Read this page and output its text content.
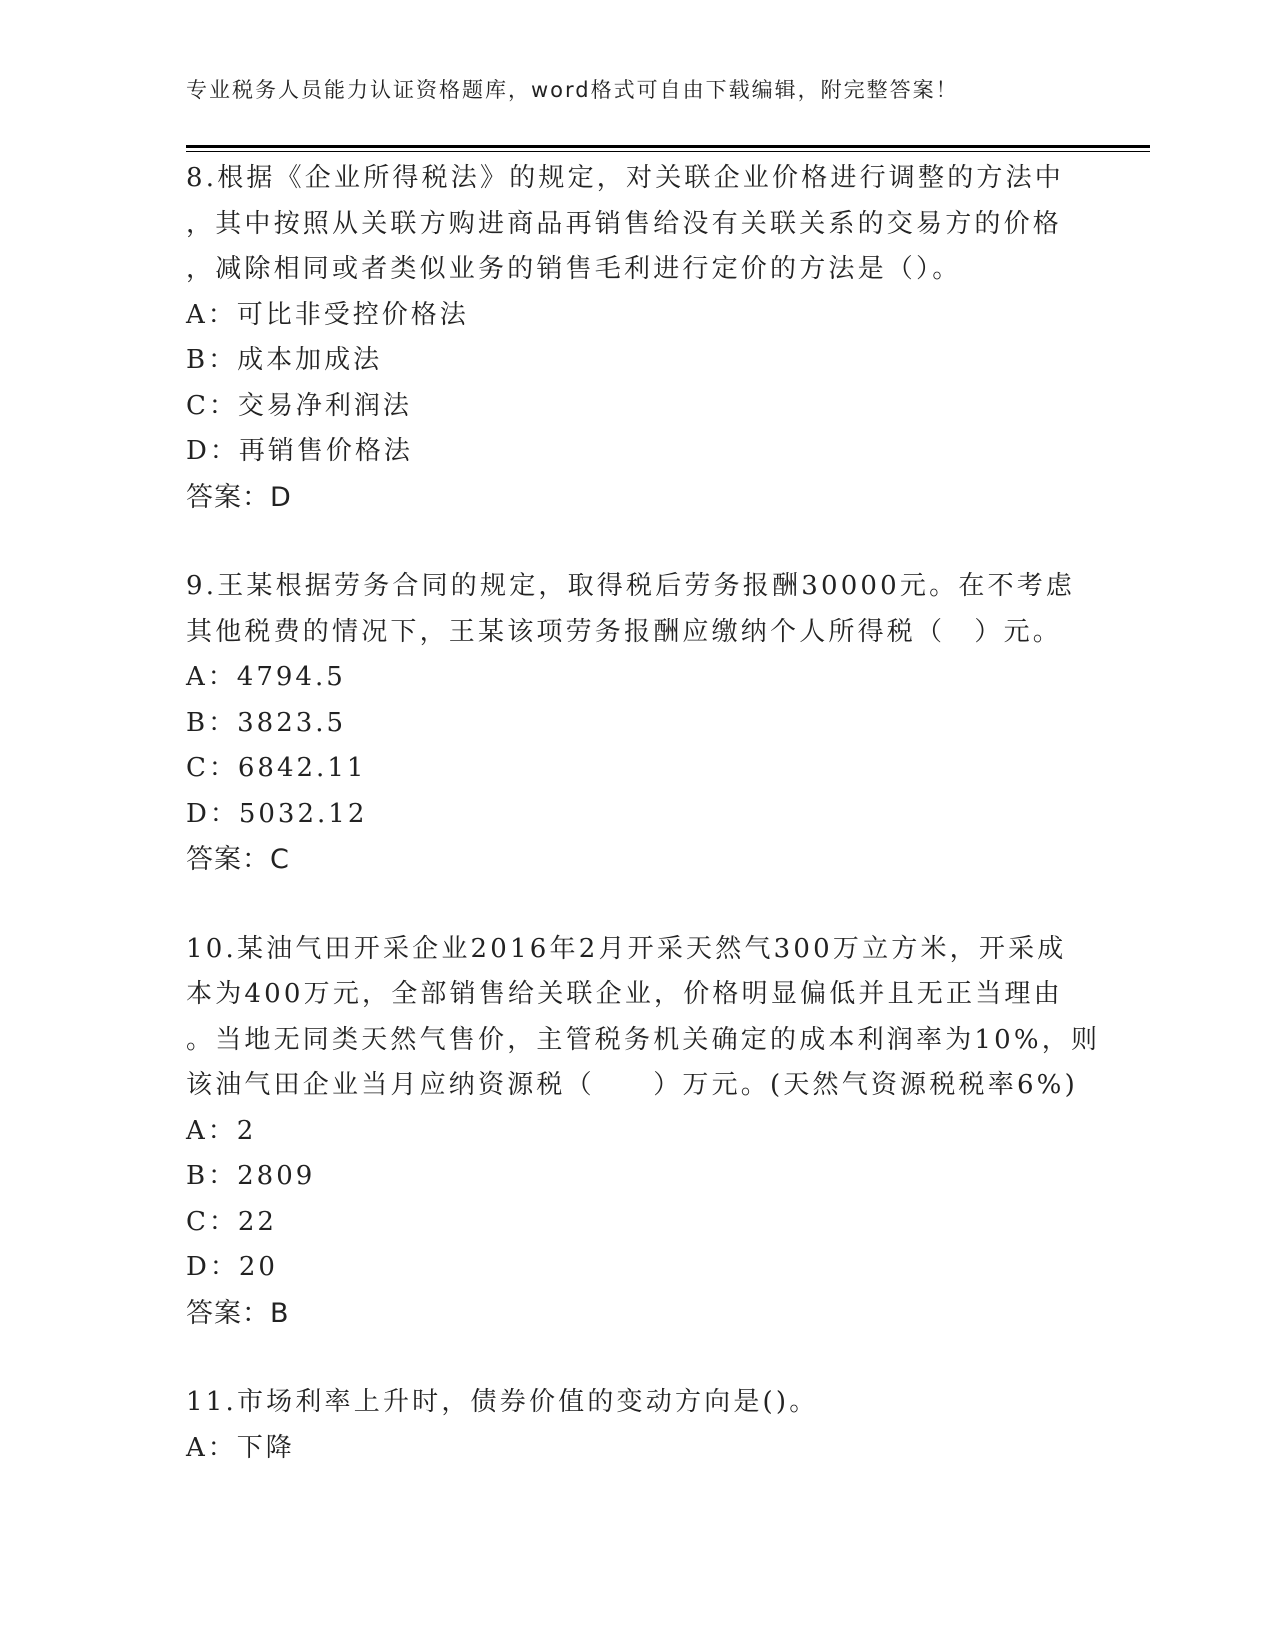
专业税务人员能力认证资格题库，word格式可自由下载编辑，附完整答案！
8.根据《企业所得税法》的规定，对关联企业价格进行调整的方法中
，其中按照从关联方购进商品再销售给没有关联关系的交易方的价格
，减除相同或者类似业务的销售毛利进行定价的方法是（）。
A：可比非受控价格法
B：成本加成法
C：交易净利润法
D：再销售价格法
答案：D
9.王某根据劳务合同的规定，取得税后劳务报酬30000元。在不考虑
其他税费的情况下，王某该项劳务报酬应缴纳个人所得税（　）元。
A：4794.5
B：3823.5
C：6842.11
D：5032.12
答案：C
10.某油气田开采企业2016年2月开采天然气300万立方米，开采成
本为400万元，全部销售给关联企业，价格明显偏低并且无正当理由
。当地无同类天然气售价，主管税务机关确定的成本利润率为10%，则
该油气田企业当月应纳资源税（　　）万元。(天然气资源税税率6%)
A：2
B：2809
C：22
D：20
答案：B
11.市场利率上升时，债券价值的变动方向是()。
A：下降
